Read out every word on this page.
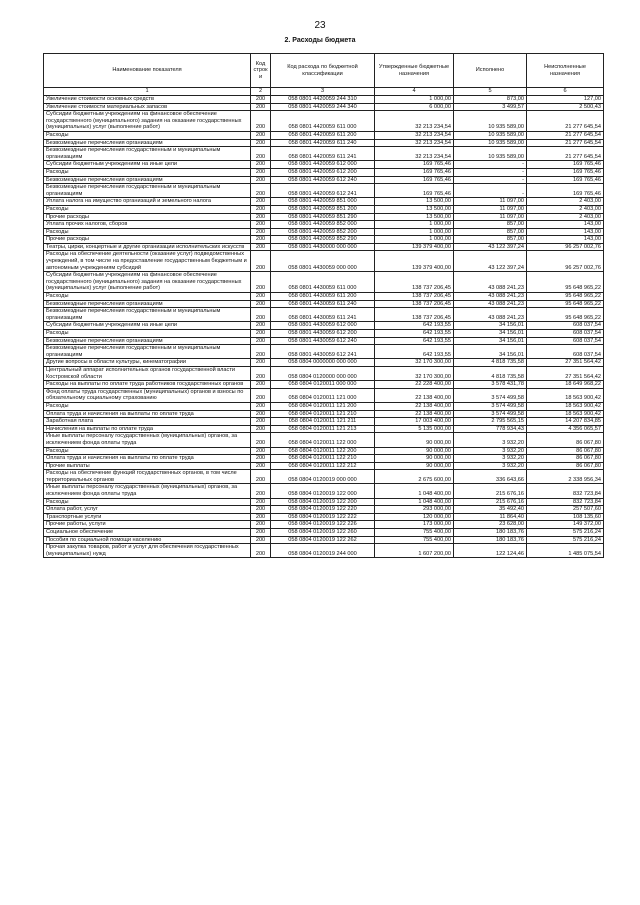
23
2. Расходы бюджета
Наименование показателя	Код строк и	Код расхода по бюджетной классификации	Утвержденные бюджетные назначения	Исполнено	Неисполненные назначения
1	2	3	4	5	6
Увеличение стоимости основных средств	200	058 0801 4420059 244 310	1 000,00	873,00	127,00
Увеличение стоимости материальных запасов	200	058 0801 4420059 244 340	6 000,00	3 499,57	2 500,43
Субсидии бюджетным учреждениям на финансовое обеспечение государственного (муниципального) задания на оказание государственных (муниципальных) услуг (выполнение работ)	200	058 0801 4420059 611 000	32 213 234,54	10 935 589,00	21 277 645,54
Расходы	200	058 0801 4420059 611 200	32 213 234,54	10 935 589,00	21 277 645,54
Безвозмездные перечисления организациям	200	058 0801 4420059 611 240	32 213 234,54	10 935 589,00	21 277 645,54
Безвозмездные перечисления государственным и муниципальным организациям	200	058 0801 4420059 611 241	32 213 234,54	10 935 589,00	21 277 645,54
Субсидии бюджетным учреждениям на иные цели	200	058 0801 4420059 612 000	169 765,46	-	169 765,46
Расходы	200	058 0801 4420059 612 200	169 765,46	-	169 765,46
Безвозмездные перечисления организациям	200	058 0801 4420059 612 240	169 765,46	-	169 765,46
Безвозмездные перечисления государственным и муниципальным организациям	200	058 0801 4420059 612 241	169 765,46	-	169 765,46
Уплата налога на имущество организаций и земельного налога	200	058 0801 4420059 851 000	13 500,00	11 097,00	2 403,00
Расходы	200	058 0801 4420059 851 200	13 500,00	11 097,00	2 403,00
Прочие расходы	200	058 0801 4420059 851 290	13 500,00	11 097,00	2 403,00
Уплата прочих налогов, сборов	200	058 0801 4420059 852 000	1 000,00	857,00	143,00
Расходы	200	058 0801 4420059 852 200	1 000,00	857,00	143,00
Прочие расходы	200	058 0801 4420059 852 290	1 000,00	857,00	143,00
Театры, цирки, концертные и другие организации исполнительских искусств	200	058 0801 4430000 000 000	139 379 400,00	43 122 397,24	96 257 002,76
Расходы на обеспечение деятельности (оказание услуг) подведомственных учреждений, в том числе на предоставление государственным бюджетным и автономным учреждениям субсидий	200	058 0801 4430059 000 000	139 379 400,00	43 122 397,24	96 257 002,76
Субсидии бюджетным учреждениям на финансовое обеспечение государственного (муниципального) задания на оказание государственных (муниципальных) услуг (выполнение работ)	200	058 0801 4430059 611 000	138 737 206,45	43 088 241,23	95 648 965,22
Расходы	200	058 0801 4430059 611 200	138 737 206,45	43 088 241,23	95 648 965,22
Безвозмездные перечисления организациям	200	058 0801 4430059 611 240	138 737 206,45	43 088 241,23	95 648 965,22
Безвозмездные перечисления государственным и муниципальным организациям	200	058 0801 4430059 611 241	138 737 206,45	43 088 241,23	95 648 965,22
Субсидии бюджетным учреждениям на иные цели	200	058 0801 4430059 612 000	642 193,55	34 156,01	608 037,54
Расходы	200	058 0801 4430059 612 200	642 193,55	34 156,01	608 037,54
Безвозмездные перечисления организациям	200	058 0801 4430059 612 240	642 193,55	34 156,01	608 037,54
Безвозмездные перечисления государственным и муниципальным организациям	200	058 0801 4430059 612 241	642 193,55	34 156,01	608 037,54
Другие вопросы в области культуры, кинематографии	200	058 0804 0000000 000 000	32 170 300,00	4 818 735,58	27 351 564,42
Центральный аппарат исполнительных органов государственной власти Костромской области	200	058 0804 0120000 000 000	32 170 300,00	4 818 735,58	27 351 564,42
Расходы на выплаты по оплате труда работников государственных органов	200	058 0804 0120011 000 000	22 228 400,00	3 578 431,78	18 649 968,22
Фонд оплаты труда государственных (муниципальных) органов и взносы по обязательному социальному страхованию	200	058 0804 0120011 121 000	22 138 400,00	3 574 499,58	18 563 900,42
Расходы	200	058 0804 0120011 121 200	22 138 400,00	3 574 499,58	18 563 900,42
Оплата труда и начисления на выплаты по оплате труда	200	058 0804 0120011 121 210	22 138 400,00	3 574 499,58	18 563 900,42
Заработная плата	200	058 0804 0120011 121 211	17 003 400,00	2 795 565,15	14 207 834,85
Начисления на выплаты по оплате труда	200	058 0804 0120011 121 213	5 135 000,00	778 934,43	4 356 065,57
Иные выплаты персоналу государственных (муниципальных) органов, за исключением фонда оплаты труда	200	058 0804 0120011 122 000	90 000,00	3 932,20	86 067,80
Расходы	200	058 0804 0120011 122 200	90 000,00	3 932,20	86 067,80
Оплата труда и начисления на выплаты по оплате труда	200	058 0804 0120011 122 210	90 000,00	3 932,20	86 067,80
Прочие выплаты	200	058 0804 0120011 122 212	90 000,00	3 932,20	86 067,80
Расходы на обеспечение функций государственных органов, в том числе территориальных органов	200	058 0804 0120019 000 000	2 675 600,00	336 643,66	2 338 956,34
Иные выплаты персоналу государственных (муниципальных) органов, за исключением фонда оплаты труда	200	058 0804 0120019 122 000	1 048 400,00	215 676,16	832 723,84
Расходы	200	058 0804 0120019 122 200	1 048 400,00	215 676,16	832 723,84
Оплата работ, услуг	200	058 0804 0120019 122 220	293 000,00	35 492,40	257 507,60
Транспортные услуги	200	058 0804 0120019 122 222	120 000,00	11 864,40	108 135,60
Прочие работы, услуги	200	058 0804 0120019 122 226	173 000,00	23 628,00	149 372,00
Социальное обеспечение	200	058 0804 0120019 122 260	755 400,00	180 183,76	575 216,24
Пособия по социальной помощи населению	200	058 0804 0120019 122 262	755 400,00	180 183,76	575 216,24
Прочая закупка товаров, работ и услуг для обеспечения государственных (муниципальных) нужд	200	058 0804 0120019 244 000	1 607 200,00	122 124,46	1 485 075,54
